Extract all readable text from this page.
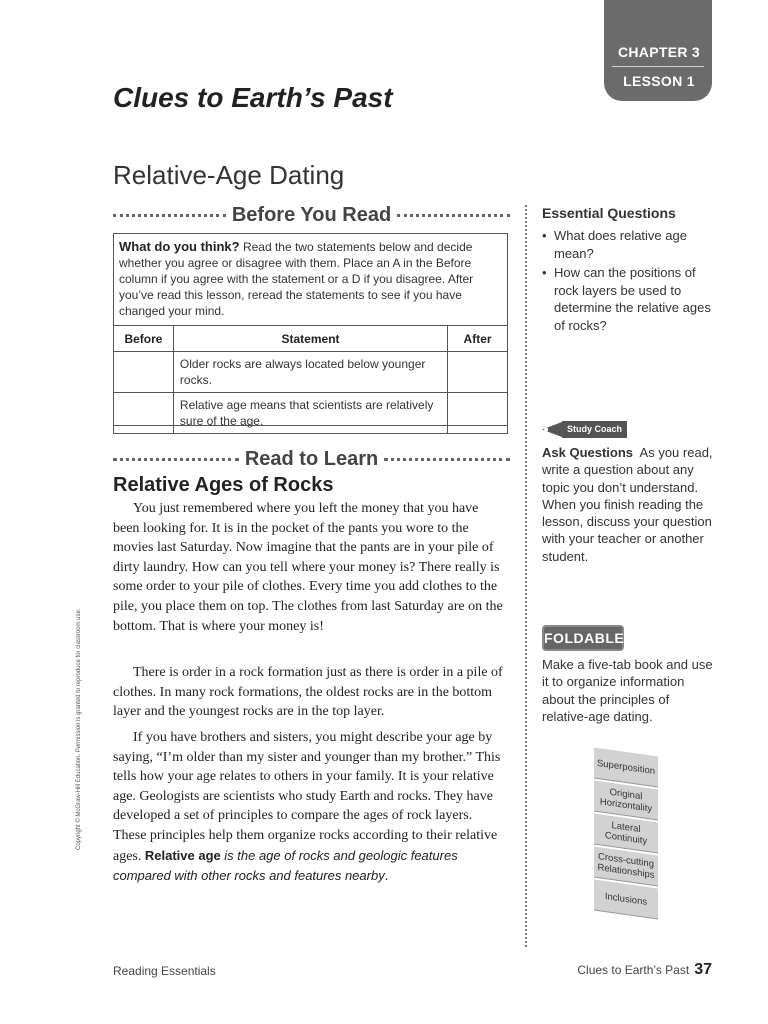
CHAPTER 3
LESSON 1
Clues to Earth’s Past
Relative-Age Dating
Before You Read

What do you think? Read the two statements below and decide whether you agree or disagree with them. Place an A in the Before column if you agree with the statement or a D if you disagree. After you’ve read this lesson, reread the statements to see if you have changed your mind.

Before	Statement	After
	Older rocks are always located below younger rocks.	
	Relative age means that scientists are relatively sure of the age.	
Read to Learn
Relative Ages of Rocks

You just remembered where you left the money that you have been looking for. It is in the pocket of the pants you wore to the movies last Saturday. Now imagine that the pants are in your pile of dirty laundry. How can you tell where your money is? There really is some order to your pile of clothes. Every time you add clothes to the pile, you place them on top. The clothes from last Saturday are on the bottom. That is where your money is!

There is order in a rock formation just as there is order in a pile of clothes. In many rock formations, the oldest rocks are in the bottom layer and the youngest rocks are in the top layer.

If you have brothers and sisters, you might describe your age by saying, “I’m older than my sister and younger than my brother.” This tells how your age relates to others in your family. It is your relative age. Geologists are scientists who study Earth and rocks. They have developed a set of principles to compare the ages of rock layers. These principles help them organize rocks according to their relative ages. Relative age is the age of rocks and geologic features compared with other rocks and features nearby.

Essential Questions
• What does relative age mean?
• How can the positions of rock layers be used to determine the relative ages of rocks?
Study Coach

Ask Questions As you read, write a question about any topic you don’t understand. When you finish reading the lesson, discuss your question with your teacher or another student.

FOLDABLES

Make a five-tab book and use it to organize information about the principles of relative-age dating.

Superposition
Original Horizontality
Lateral Continuity
Cross-cutting Relationships
Inclusions
Copyright © McGraw-Hill Education. Permission is granted to reproduce for classroom use.
Reading Essentials	Clues to Earth’s Past 37
